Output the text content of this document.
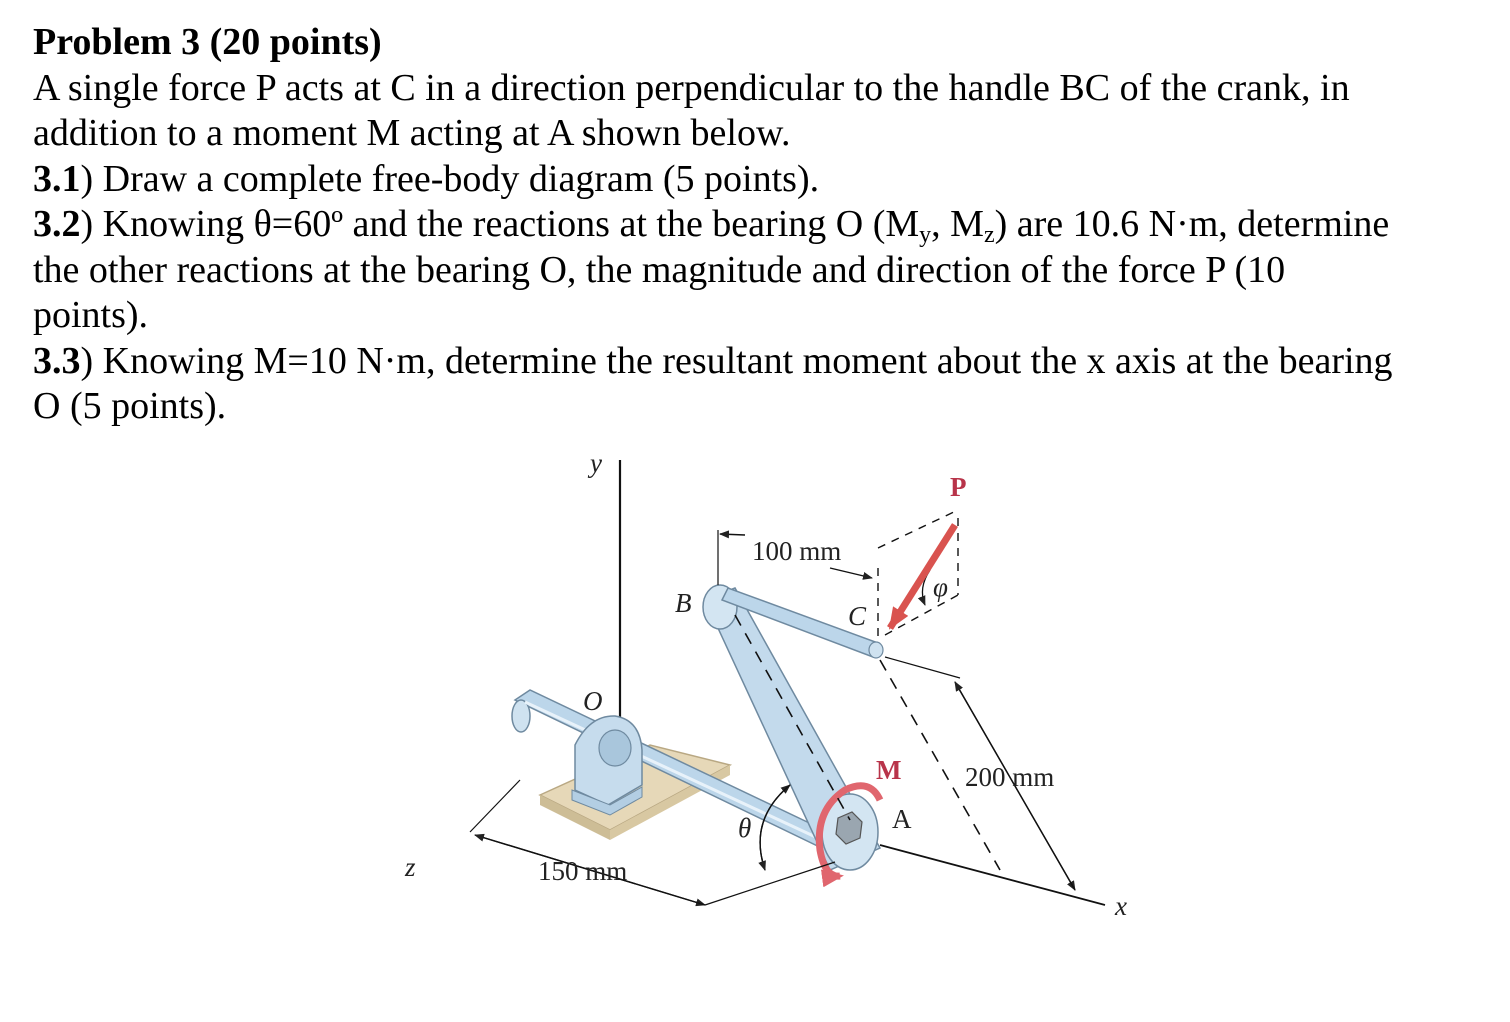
Problem 3 (20 points)
A single force P acts at C in a direction perpendicular to the handle BC of the crank, in
addition to a moment M acting at A shown below.
3.1) Draw a complete free-body diagram (5 points).
3.2) Knowing θ=60º and the reactions at the bearing O ($M_y$, $M_z$) are 10.6 N·m, determine
the other reactions at the bearing O, the magnitude and direction of the force P (10
points).
3.3) Knowing M=10 N·m, determine the resultant moment about the x axis at the bearing
O (5 points).
y
O
B	C
A
P
M
θ
φ
100 mm
150 mm
200 mm
z
x
